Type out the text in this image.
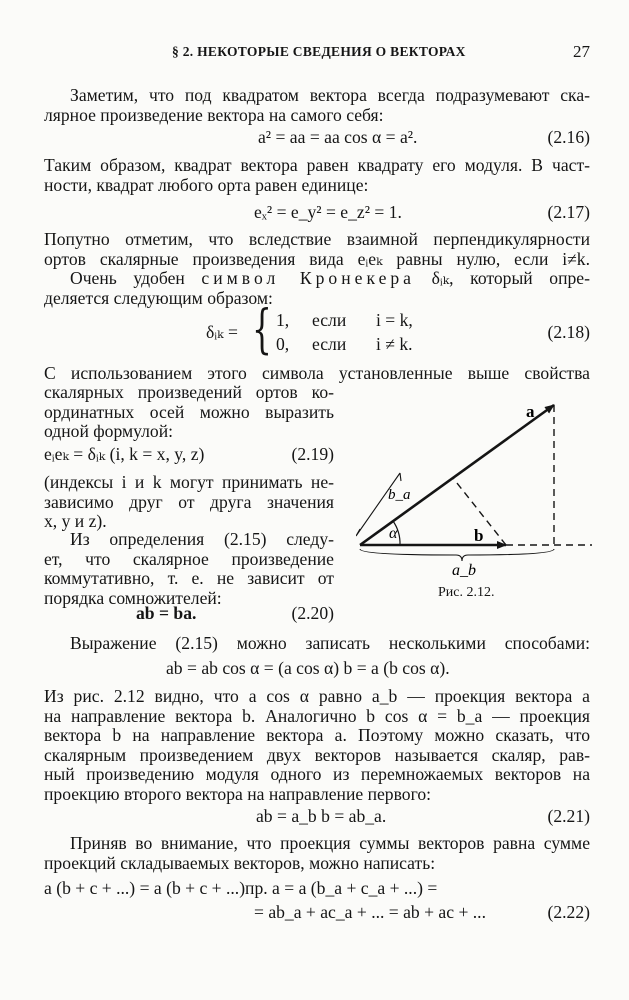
§ 2. НЕКОТОРЫЕ СВЕДЕНИЯ О ВЕКТОРАХ	27
Заметим, что под квадратом вектора всегда подразумевают ска-
лярное произведение вектора на самого себя:
a² = aa = aa cos α = a².	(2.16)
Таким образом, квадрат вектора равен квадрату его модуля. В част-
ности, квадрат любого орта равен единице:
eₓ² = e_y² = e_z² = 1.	(2.17)
Попутно отметим, что вследствие взаимной перпендикулярности
ортов скалярные произведения вида eᵢeₖ равны нулю, если i≠k.
Очень удобен символ Кронекера δᵢₖ, который опре-
деляется следующим образом:
δᵢₖ = { 1, если i = k,
0, если i ≠ k.
(2.18)
С использованием этого символа установленные выше свойства
скалярных произведений ортов ко-
ординатных осей можно выразить
одной формулой:
eᵢeₖ = δᵢₖ (i, k = x, y, z)	(2.19)
(индексы i и k могут принимать не-
зависимо друг от друга значения
x, y и z).
Из определения (2.15) следу-
ет, что скалярное произведение
коммутативно, т. е. не зависит от
порядка сомножителей:
ab = ba.	(2.20)
a
b
b_a
α
a_b
Рис. 2.12.
Выражение (2.15) можно записать несколькими способами:
ab = ab cos α = (a cos α) b = a (b cos α).
Из рис. 2.12 видно, что a cos α равно a_b — проекция вектора a
на направление вектора b. Аналогично b cos α = b_a — проекция
вектора b на направление вектора a. Поэтому можно сказать, что
скалярным произведением двух векторов называется скаляр, рав-
ный произведению модуля одного из перемножаемых векторов на
проекцию второго вектора на направление первого:
ab = a_b b = ab_a.	(2.21)
Приняв во внимание, что проекция суммы векторов равна сумме
проекций складываемых векторов, можно написать:
a (b + c + ...) = a (b + c + ...)пр. a = a (b_a + c_a + ...) =
= ab_a + ac_a + ... = ab + ac + ...	(2.22)
